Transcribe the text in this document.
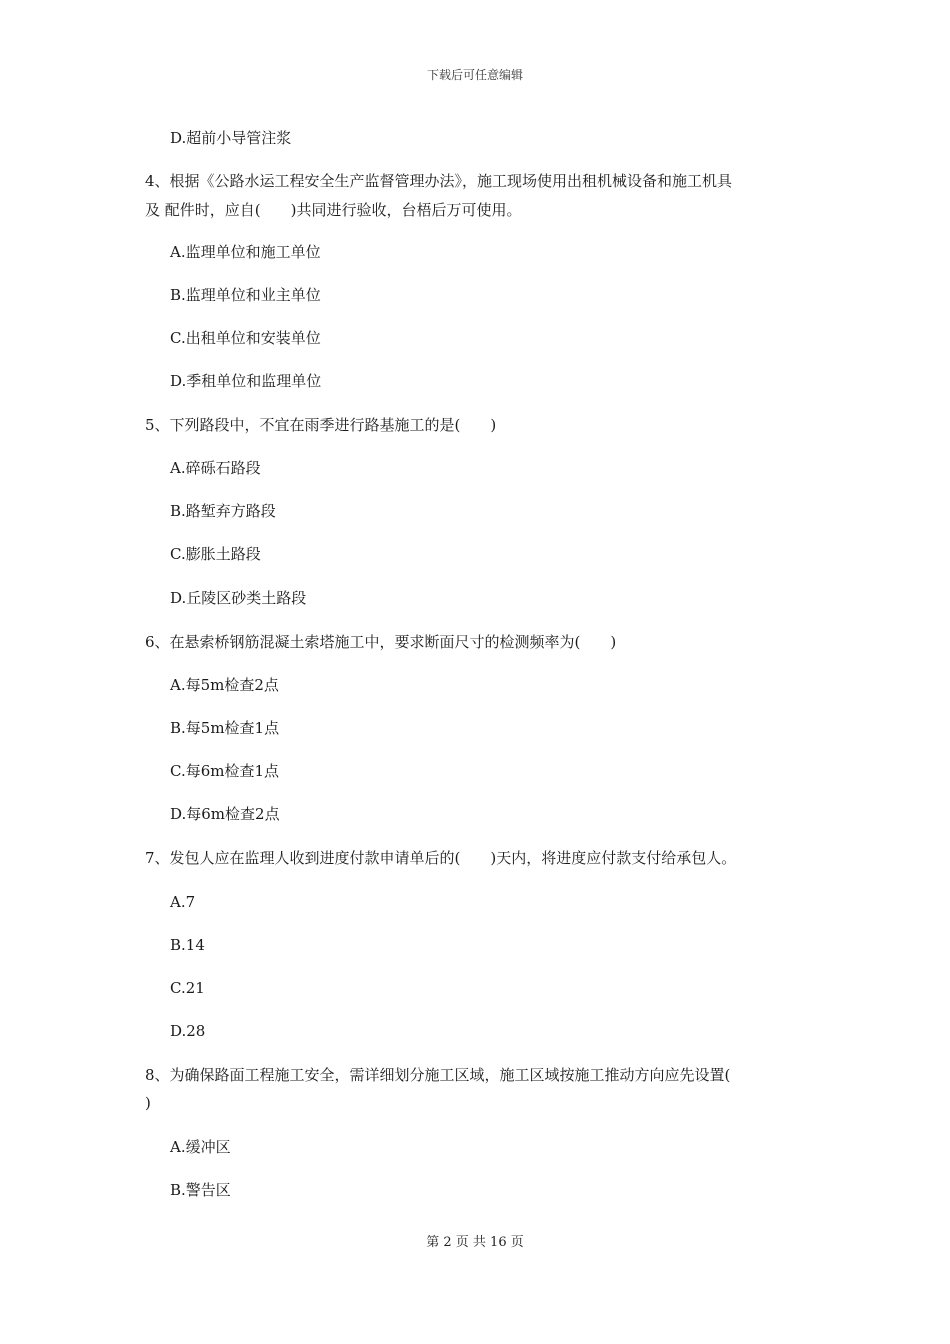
下载后可任意编辑
D.超前小导管注浆
4、根据《公路水运工程安全生产监督管理办法》，施工现场使用出租机械设备和施工机具
及 配件时，应自(　　)共同进行验收，台梧后万可使用。
A.监理单位和施工单位
B.监理单位和业主单位
C.出租单位和安装单位
D.季租单位和监理单位
5、下列路段中，不宜在雨季进行路基施工的是(　　)
A.碎砾石路段
B.路堑弃方路段
C.膨胀土路段
D.丘陵区砂类土路段
6、在悬索桥钢筋混凝土索塔施工中，要求断面尺寸的检测频率为(　　)
A.每5m检查2点
B.每5m检查1点
C.每6m检查1点
D.每6m检查2点
7、发包人应在监理人收到进度付款申请单后的(　　)天内，将进度应付款支付给承包人。
A.7
B.14
C.21
D.28
8、为确保路面工程施工安全，需详细划分施工区域，施工区域按施工推动方向应先设置(
)
A.缓冲区
B.警告区
第 2 页 共 16 页
